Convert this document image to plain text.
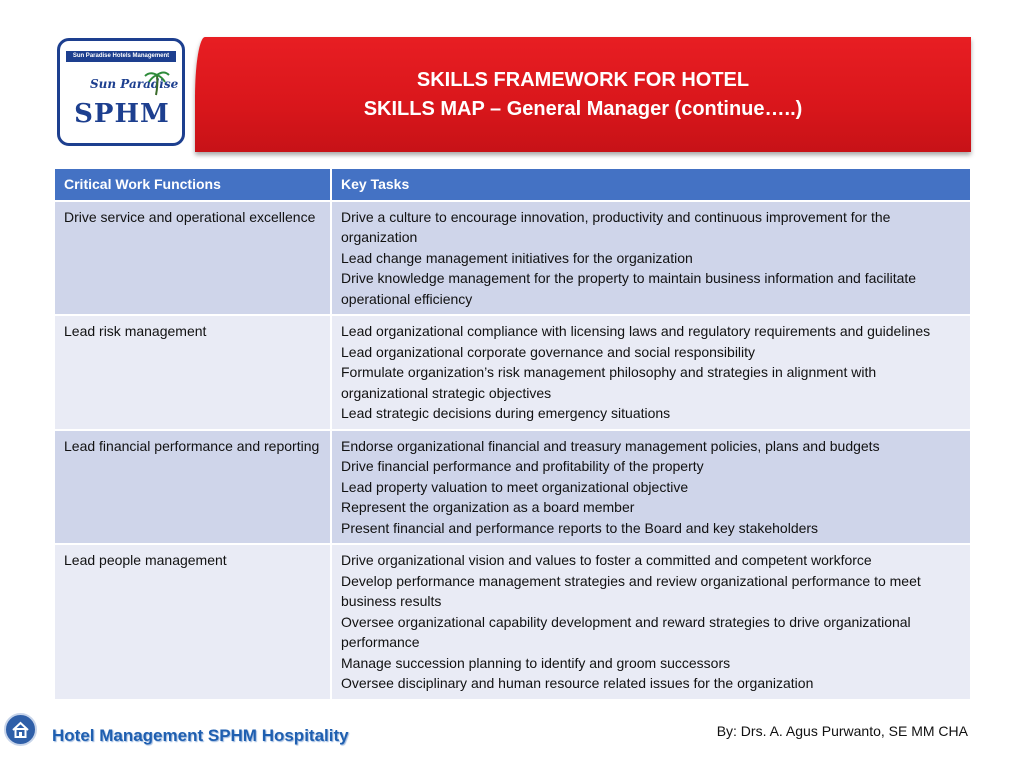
Sun Paradise Hotels Management
Sun Paradise
SPHM
SKILLS FRAMEWORK FOR HOTEL
SKILLS MAP – General Manager (continue…..)
Critical Work Functions	Key Tasks
Drive service and operational excellence	Drive a culture to encourage innovation, productivity and continuous improvement for the organization
Lead change management initiatives for the organization
Drive knowledge management for the property to maintain business information and facilitate operational efficiency

Lead risk management	Lead organizational compliance with licensing laws and regulatory requirements and guidelines
Lead organizational corporate governance and social responsibility
Formulate organization’s risk management philosophy and strategies in alignment with organizational strategic objectives
Lead strategic decisions during emergency situations

Lead financial performance and reporting	Endorse organizational financial and treasury management policies, plans and budgets
Drive financial performance and profitability of the property
Lead property valuation to meet organizational objective
Represent the organization as a board member
Present financial and performance reports to the Board and key stakeholders

Lead people management	Drive organizational vision and values to foster a committed and competent workforce
Develop performance management strategies and review organizational performance to meet business results
Oversee organizational capability development and reward strategies to drive organizational performance
Manage succession planning to identify and groom successors
Oversee disciplinary and human resource related issues for the organization
Hotel Management SPHM Hospitality	By: Drs. A. Agus Purwanto, SE MM CHA
